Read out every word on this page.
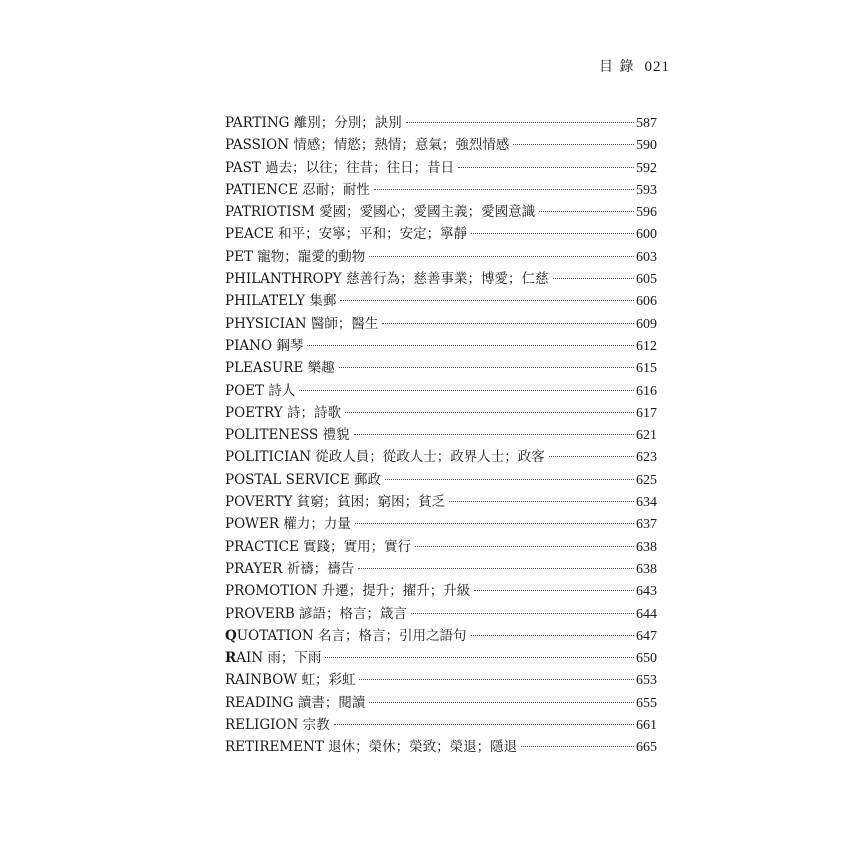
目 錄 021
PARTING 離別；分別；訣別	587
PASSION 情感；情慾；熱情；意氣；強烈情感	590
PAST 過去；以往；往昔；往日；昔日	592
PATIENCE 忍耐；耐性	593
PATRIOTISM 愛國；愛國心；愛國主義；愛國意識	596
PEACE 和平；安寧；平和；安定；寧靜	600
PET 寵物；寵愛的動物	603
PHILANTHROPY 慈善行為；慈善事業；博愛；仁慈	605
PHILATELY 集郵	606
PHYSICIAN 醫師；醫生	609
PIANO 鋼琴	612
PLEASURE 樂趣	615
POET 詩人	616
POETRY 詩；詩歌	617
POLITENESS 禮貌	621
POLITICIAN 從政人員；從政人士；政界人士；政客	623
POSTAL SERVICE 郵政	625
POVERTY 貧窮；貧困；窮困；貧乏	634
POWER 權力；力量	637
PRACTICE 實踐；實用；實行	638
PRAYER 祈禱；禱告	638
PROMOTION 升遷；提升；擢升；升級	643
PROVERB 諺語；格言；箴言	644
QUOTATION 名言；格言；引用之語句	647
RAIN 雨；下雨	650
RAINBOW 虹；彩虹	653
READING 讀書；閱讀	655
RELIGION 宗教	661
RETIREMENT 退休；榮休；榮致；榮退；隱退	665
